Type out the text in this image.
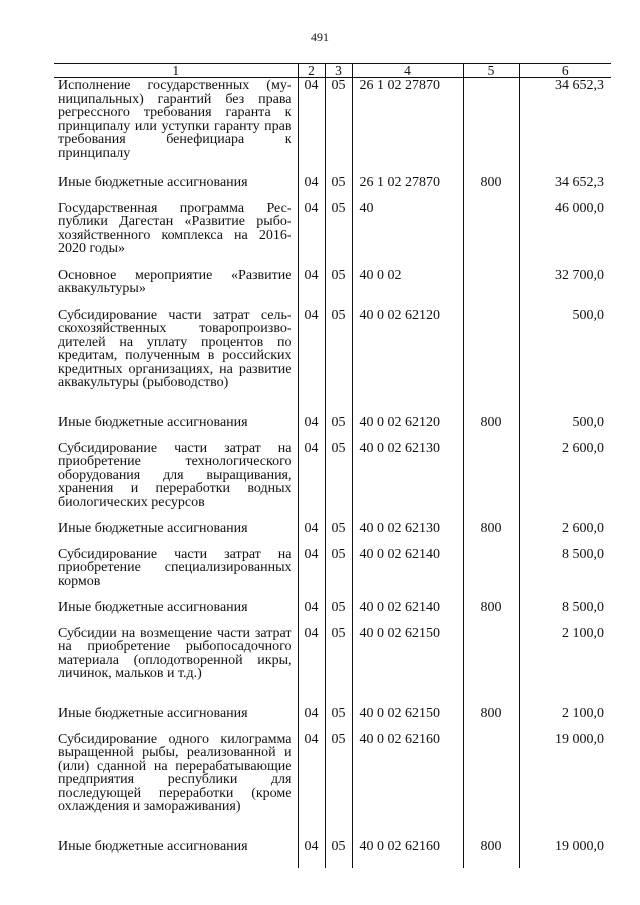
491
1	2	3	4	5	6
Исполнение государственных (муниципальных) гарантий без права регрессного требования гаранта к принципалу или уступки гаранту прав требования бенефициара к принципалу	04	05	26 1 02 27870		34 652,3
Иные бюджетные ассигнования	04	05	26 1 02 27870	800	34 652,3
Государственная программа Республики Дагестан «Развитие рыбохозяйственного комплекса на 2016-2020 годы»	04	05	40		46 000,0
Основное мероприятие «Развитие аквакультуры»	04	05	40 0 02		32 700,0
Субсидирование части затрат сельскохозяйственных товаропроизводителей на уплату процентов по кредитам, полученным в российских кредитных организациях, на развитие аквакультуры (рыбоводство)	04	05	40 0 02 62120		500,0
Иные бюджетные ассигнования	04	05	40 0 02 62120	800	500,0
Субсидирование части затрат на приобретение технологического оборудования для выращивания, хранения и переработки водных биологических ресурсов	04	05	40 0 02 62130		2 600,0
Иные бюджетные ассигнования	04	05	40 0 02 62130	800	2 600,0
Субсидирование части затрат на приобретение специализированных кормов	04	05	40 0 02 62140		8 500,0
Иные бюджетные ассигнования	04	05	40 0 02 62140	800	8 500,0
Субсидии на возмещение части затрат на приобретение рыбопосадочного материала (оплодотворенной икры, личинок, мальков и т.д.)	04	05	40 0 02 62150		2 100,0
Иные бюджетные ассигнования	04	05	40 0 02 62150	800	2 100,0
Субсидирование одного килограмма выращенной рыбы, реализованной и (или) сданной на перерабатывающие предприятия республики для последующей переработки (кроме охлаждения и замораживания)	04	05	40 0 02 62160		19 000,0
Иные бюджетные ассигнования	04	05	40 0 02 62160	800	19 000,0
